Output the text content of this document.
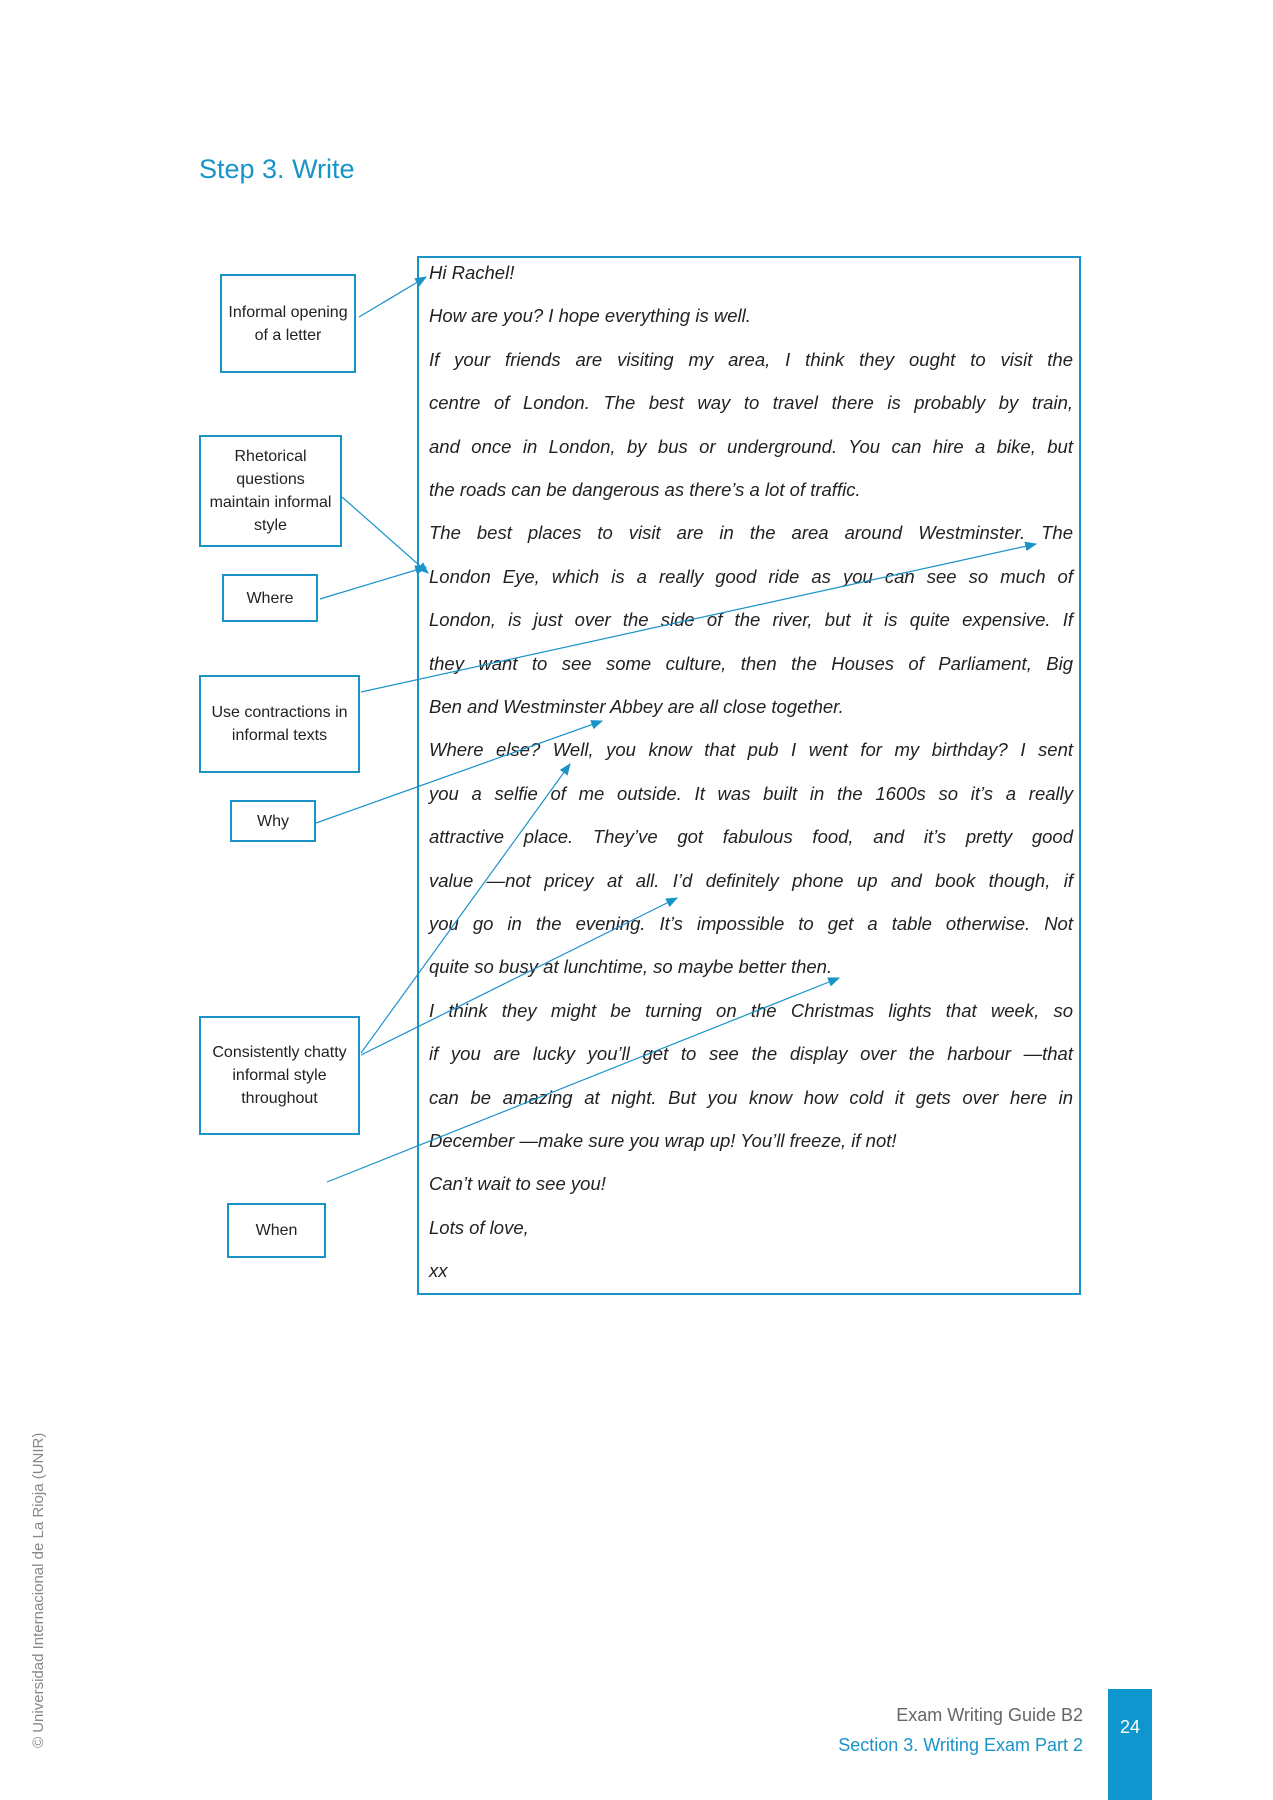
Step 3. Write
Hi Rachel!
How are you? I hope everything is well.
If your friends are visiting my area, I think they ought to visit the
centre of London. The best way to travel there is probably by train,
and once in London, by bus or underground. You can hire a bike, but
the roads can be dangerous as there’s a lot of traffic.
The best places to visit are in the area around Westminster. The
London Eye, which is a really good ride as you can see so much of
London, is just over the side of the river, but it is quite expensive. If
they want to see some culture, then the Houses of Parliament, Big
Ben and Westminster Abbey are all close together.
Where else? Well, you know that pub I went for my birthday? I sent
you a selfie of me outside. It was built in the 1600s so it’s a really
attractive place. They’ve got fabulous food, and it’s pretty good
value —not pricey at all. I’d definitely phone up and book though, if
you go in the evening. It’s impossible to get a table otherwise. Not
quite so busy at lunchtime, so maybe better then.
I think they might be turning on the Christmas lights that week, so
if you are lucky you’ll get to see the display over the harbour —that
can be amazing at night. But you know how cold it gets over here in
December —make sure you wrap up! You’ll freeze, if not!
Can’t wait to see you!
Lots of love,
xx
Informal opening of a letter
Rhetorical questions maintain informal style
Where
Use contractions in informal texts
Why
Consistently chatty informal style throughout
When
Exam Writing Guide B2
Section 3. Writing Exam Part 2
24
© Universidad Internacional de La Rioja (UNIR)
